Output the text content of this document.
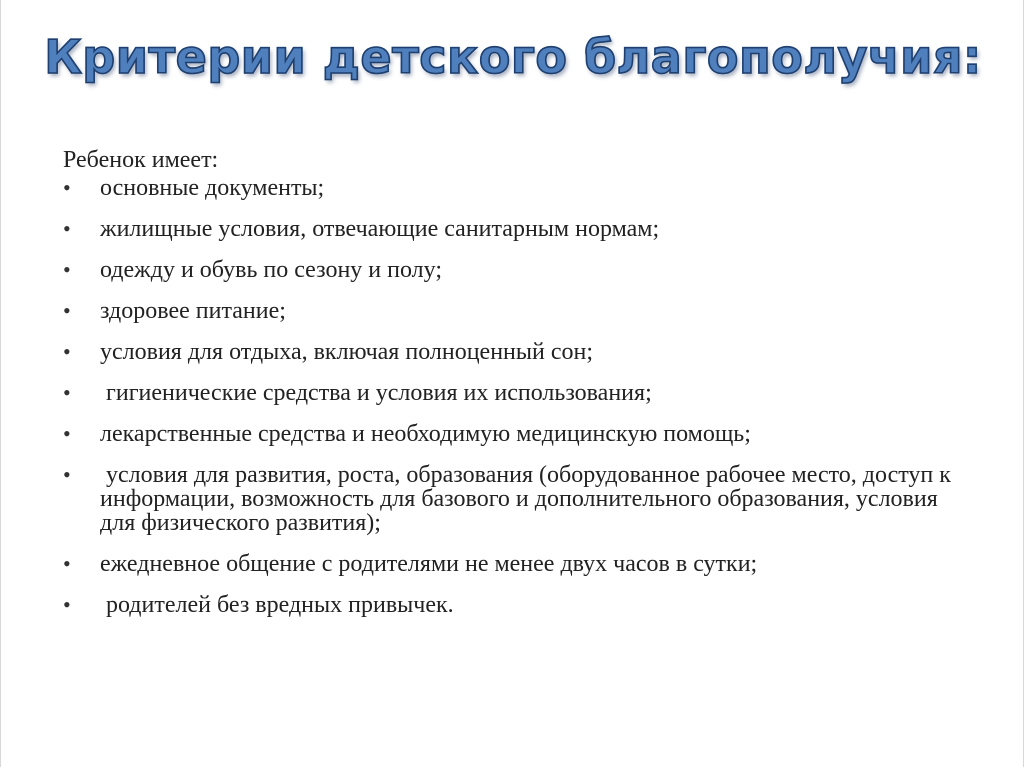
Критерии детского благополучия:
Ребенок имеет:
• основные документы;
• жилищные условия, отвечающие санитарным нормам;
• одежду и обувь по сезону и полу;
• здоровее питание;
• условия для отдыха, включая полноценный сон;
• гигиенические средства и условия их использования;
• лекарственные средства и необходимую медицинскую помощь;
• условия для развития, роста, образования (оборудованное рабочее место, доступ к информации, возможность для базового и дополнительного образования, условия для физического развития);
• ежедневное общение с родителями не менее двух часов в сутки;
• родителей без вредных привычек.
